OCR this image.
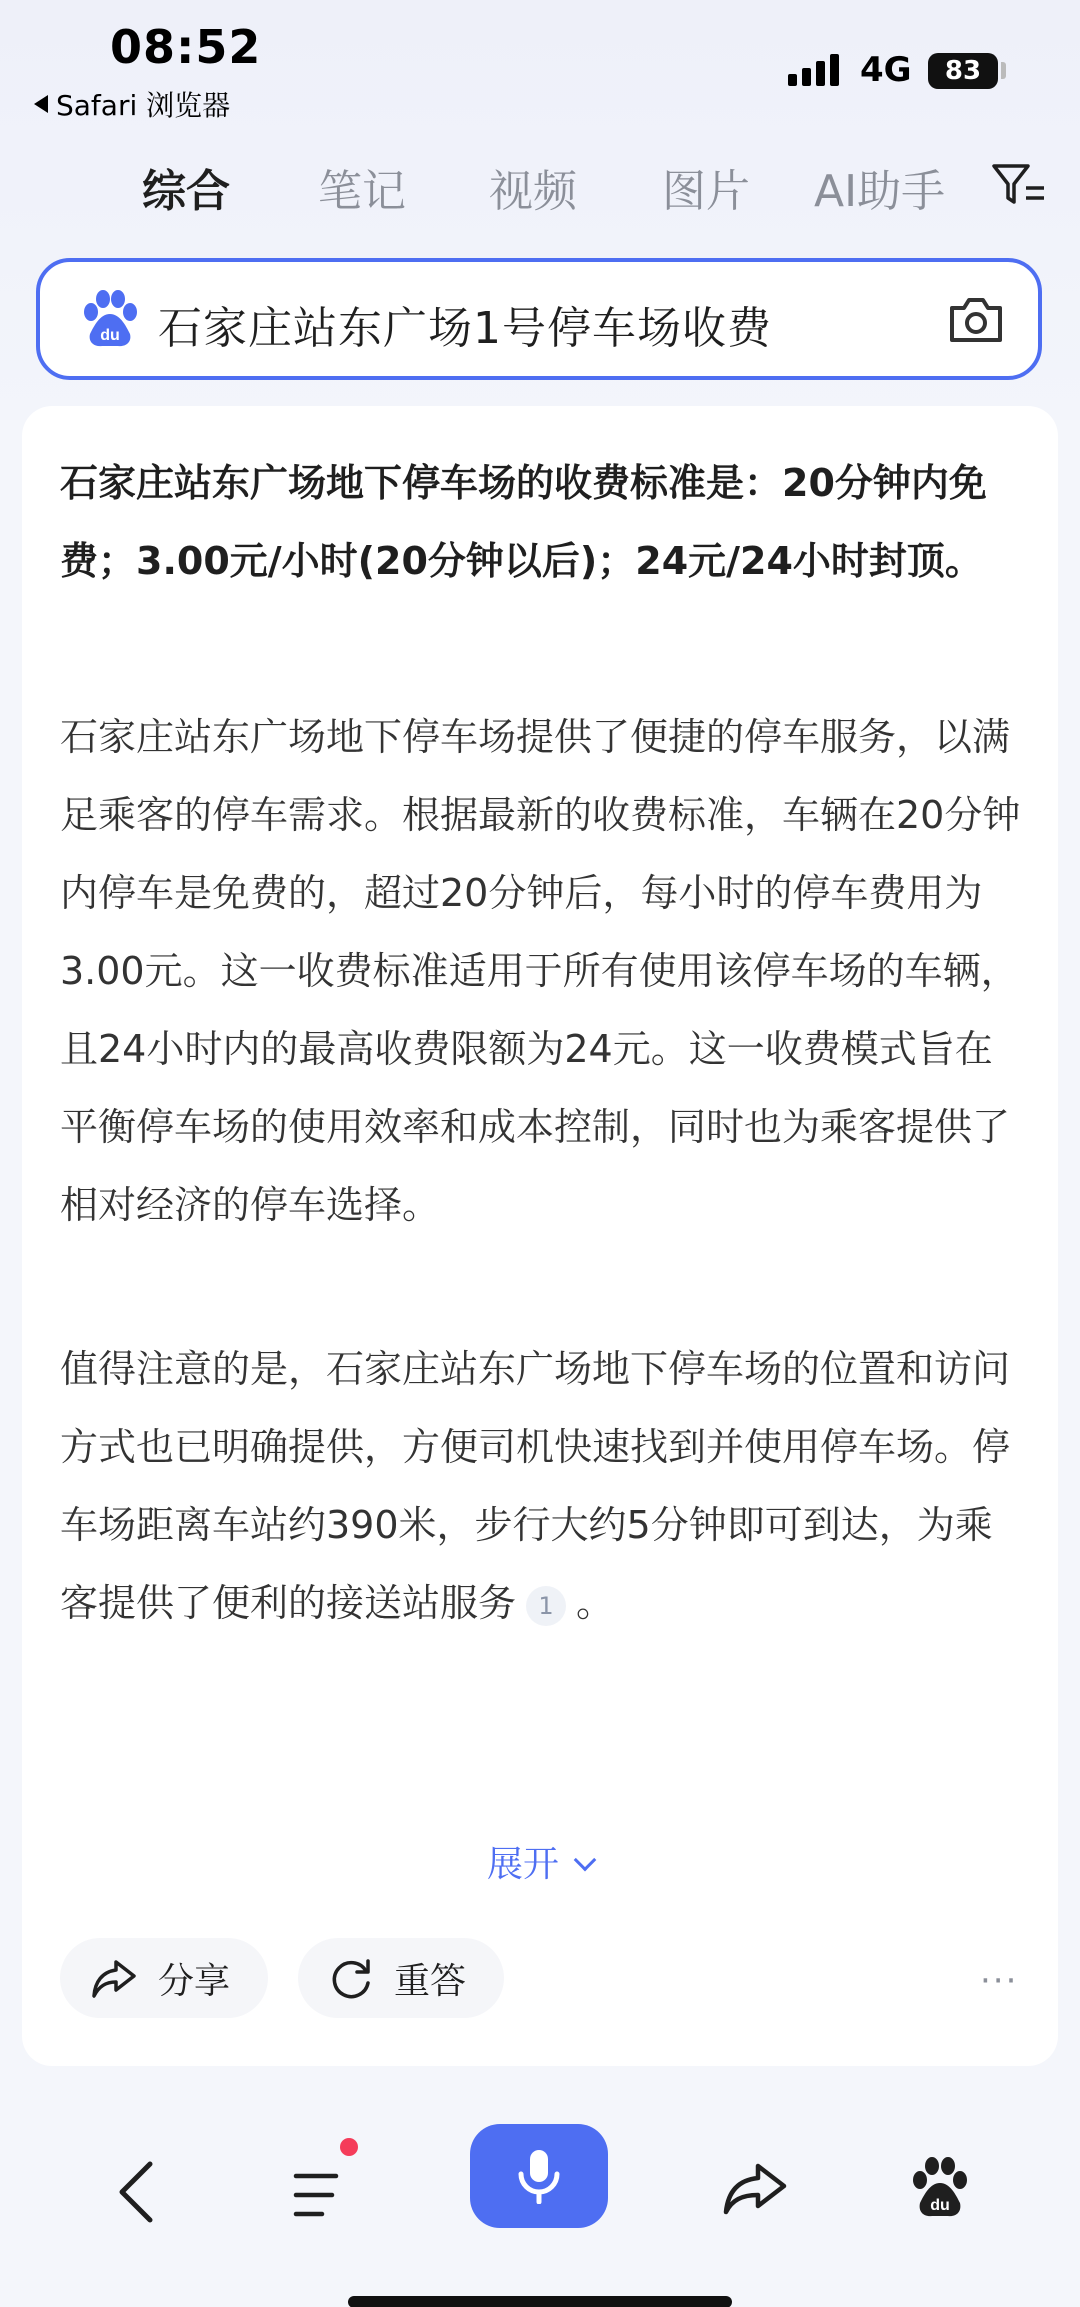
08:52
Safari 浏览器
4G 83
综合 笔记 视频 图片 AI助手
du 石家庄站东广场1号停车场收费
石家庄站东广场地下停车场的收费标准是：20分钟内免费；3.00元/小时(20分钟以后)；24元/24小时封顶。
石家庄站东广场地下停车场提供了便捷的停车服务，以满足乘客的停车需求。根据最新的收费标准，车辆在20分钟内停车是免费的，超过20分钟后，每小时的停车费用为3.00元。这一收费标准适用于所有使用该停车场的车辆，且24小时内的最高收费限额为24元。这一收费模式旨在平衡停车场的使用效率和成本控制，同时也为乘客提供了相对经济的停车选择。
值得注意的是，石家庄站东广场地下停车场的位置和访问方式也已明确提供，方便司机快速找到并使用停车场。停车场距离车站约390米，步行大约5分钟即可到达，为乘客提供了便利的接送站服务 1 。
展开
分享	重答	···
du
